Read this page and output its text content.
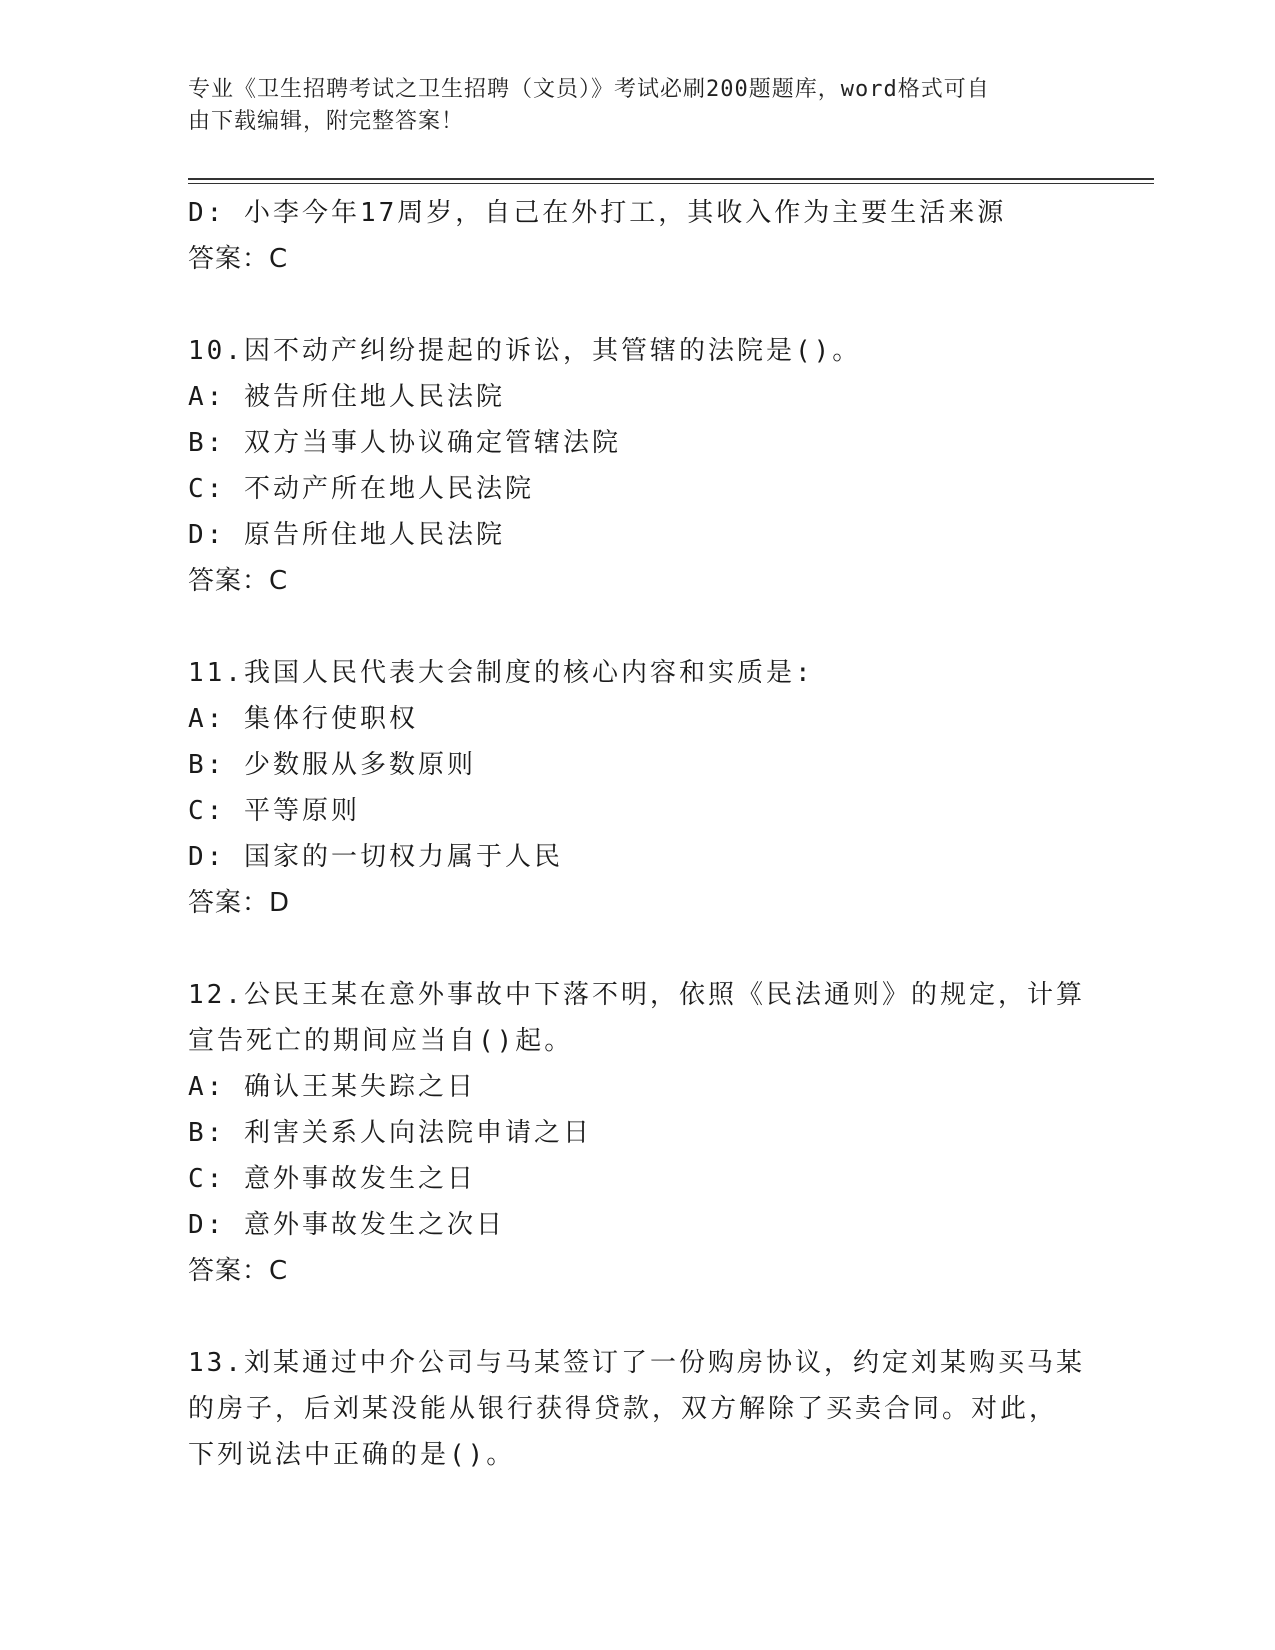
专业《卫生招聘考试之卫生招聘（文员）》考试必刷200题题库，word格式可自
由下载编辑，附完整答案！
D: 小李今年17周岁，自己在外打工，其收入作为主要生活来源
答案：C
10.因不动产纠纷提起的诉讼，其管辖的法院是()。
A: 被告所住地人民法院
B: 双方当事人协议确定管辖法院
C: 不动产所在地人民法院
D: 原告所住地人民法院
答案：C
11.我国人民代表大会制度的核心内容和实质是:
A: 集体行使职权
B: 少数服从多数原则
C: 平等原则
D: 国家的一切权力属于人民
答案：D
12.公民王某在意外事故中下落不明，依照《民法通则》的规定，计算
宣告死亡的期间应当自()起。
A: 确认王某失踪之日
B: 利害关系人向法院申请之日
C: 意外事故发生之日
D: 意外事故发生之次日
答案：C
13.刘某通过中介公司与马某签订了一份购房协议，约定刘某购买马某
的房子，后刘某没能从银行获得贷款，双方解除了买卖合同。对此，
下列说法中正确的是()。
